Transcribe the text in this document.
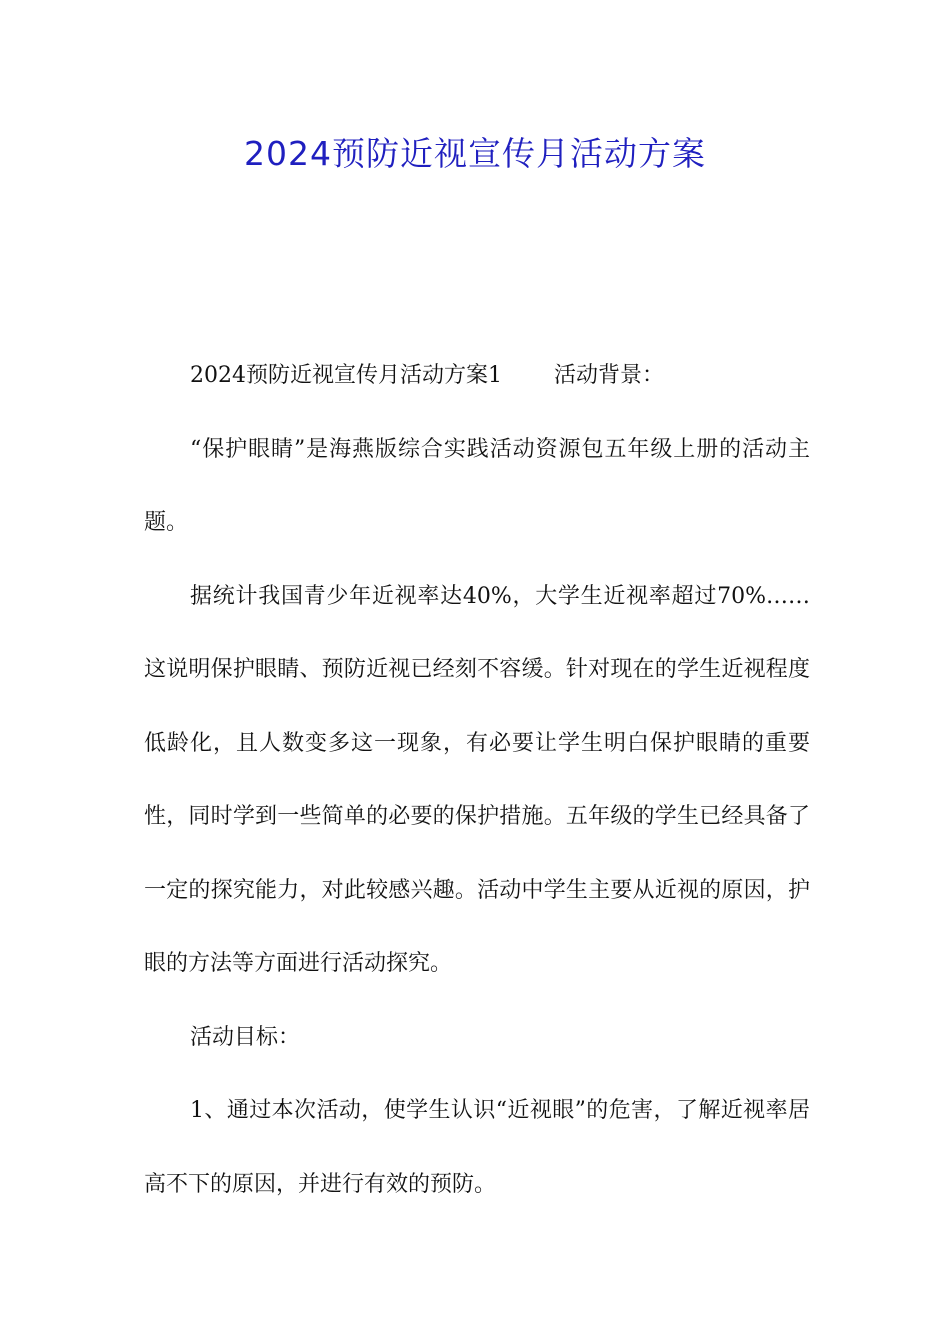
2024预防近视宣传月活动方案

2024预防近视宣传月活动方案1 活动背景：

“保护眼睛”是海燕版综合实践活动资源包五年级上册的活动主题。

据统计我国青少年近视率达40%，大学生近视率超过70%……这说明保护眼睛、预防近视已经刻不容缓。针对现在的学生近视程度低龄化，且人数变多这一现象，有必要让学生明白保护眼睛的重要性，同时学到一些简单的必要的保护措施。五年级的学生已经具备了一定的探究能力，对此较感兴趣。活动中学生主要从近视的原因，护眼的方法等方面进行活动探究。

活动目标：

1、通过本次活动，使学生认识“近视眼”的危害，了解近视率居高不下的原因，并进行有效的预防。
